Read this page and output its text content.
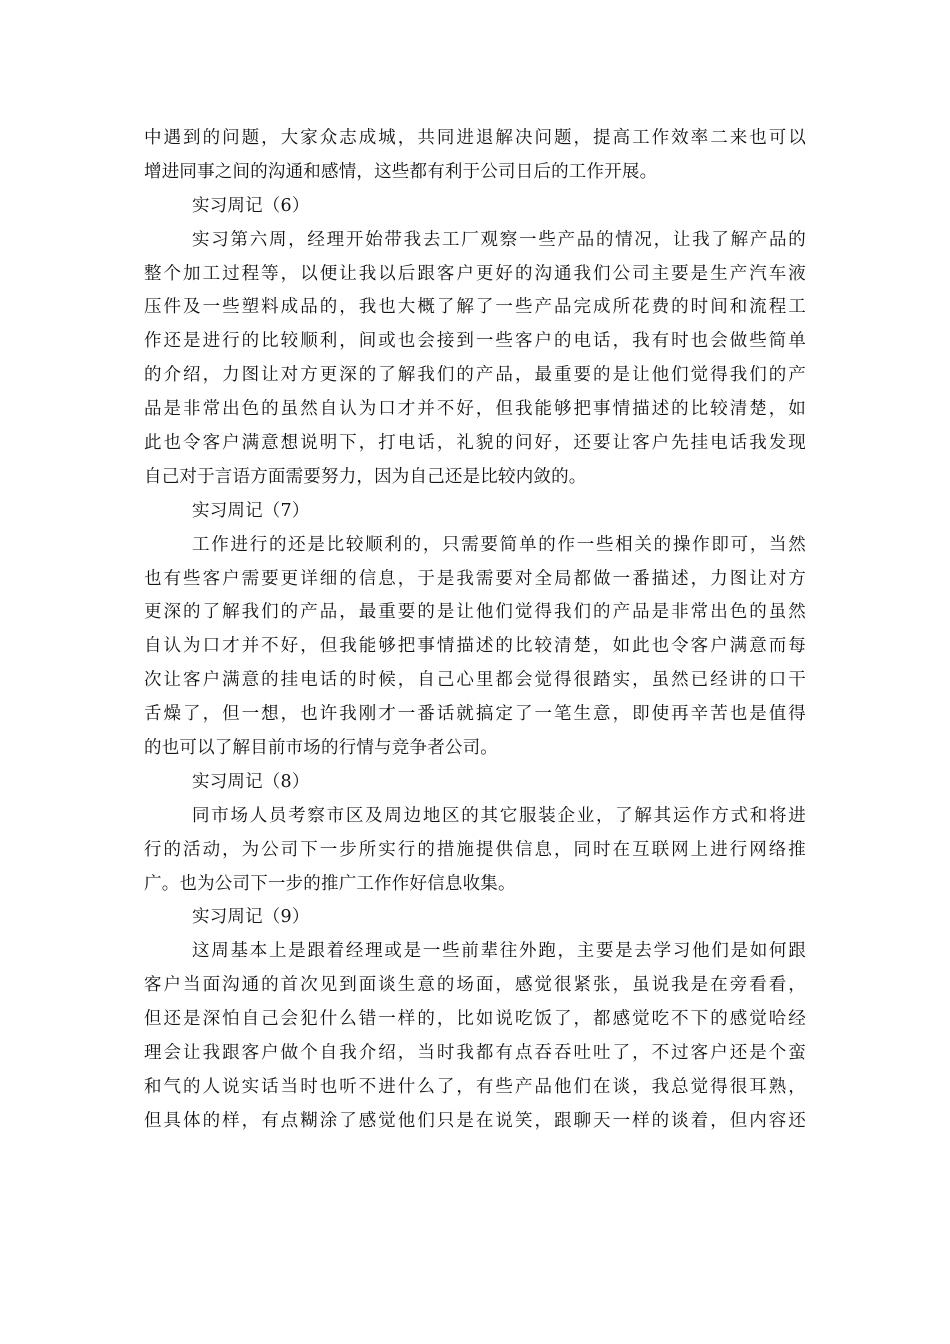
中遇到的问题，大家众志成城，共同进退解决问题，提高工作效率二来也可以
增进同事之间的沟通和感情，这些都有利于公司日后的工作开展。
实习周记（6）
实习第六周，经理开始带我去工厂观察一些产品的情况，让我了解产品的
整个加工过程等，以便让我以后跟客户更好的沟通我们公司主要是生产汽车液
压件及一些塑料成品的，我也大概了解了一些产品完成所花费的时间和流程工
作还是进行的比较顺利，间或也会接到一些客户的电话，我有时也会做些简单
的介绍，力图让对方更深的了解我们的产品，最重要的是让他们觉得我们的产
品是非常出色的虽然自认为口才并不好，但我能够把事情描述的比较清楚，如
此也令客户满意想说明下，打电话，礼貌的问好，还要让客户先挂电话我发现
自己对于言语方面需要努力，因为自己还是比较内敛的。
实习周记（7）
工作进行的还是比较顺利的，只需要简单的作一些相关的操作即可，当然
也有些客户需要更详细的信息，于是我需要对全局都做一番描述，力图让对方
更深的了解我们的产品，最重要的是让他们觉得我们的产品是非常出色的虽然
自认为口才并不好，但我能够把事情描述的比较清楚，如此也令客户满意而每
次让客户满意的挂电话的时候，自己心里都会觉得很踏实，虽然已经讲的口干
舌燥了，但一想，也许我刚才一番话就搞定了一笔生意，即使再辛苦也是值得
的也可以了解目前市场的行情与竞争者公司。
实习周记（8）
同市场人员考察市区及周边地区的其它服装企业，了解其运作方式和将进
行的活动，为公司下一步所实行的措施提供信息，同时在互联网上进行网络推
广。也为公司下一步的推广工作作好信息收集。
实习周记（9）
这周基本上是跟着经理或是一些前辈往外跑，主要是去学习他们是如何跟
客户当面沟通的首次见到面谈生意的场面，感觉很紧张，虽说我是在旁看看，
但还是深怕自己会犯什么错一样的，比如说吃饭了，都感觉吃不下的感觉哈经
理会让我跟客户做个自我介绍，当时我都有点吞吞吐吐了，不过客户还是个蛮
和气的人说实话当时也听不进什么了，有些产品他们在谈，我总觉得很耳熟，
但具体的样，有点糊涂了感觉他们只是在说笑，跟聊天一样的谈着，但内容还
